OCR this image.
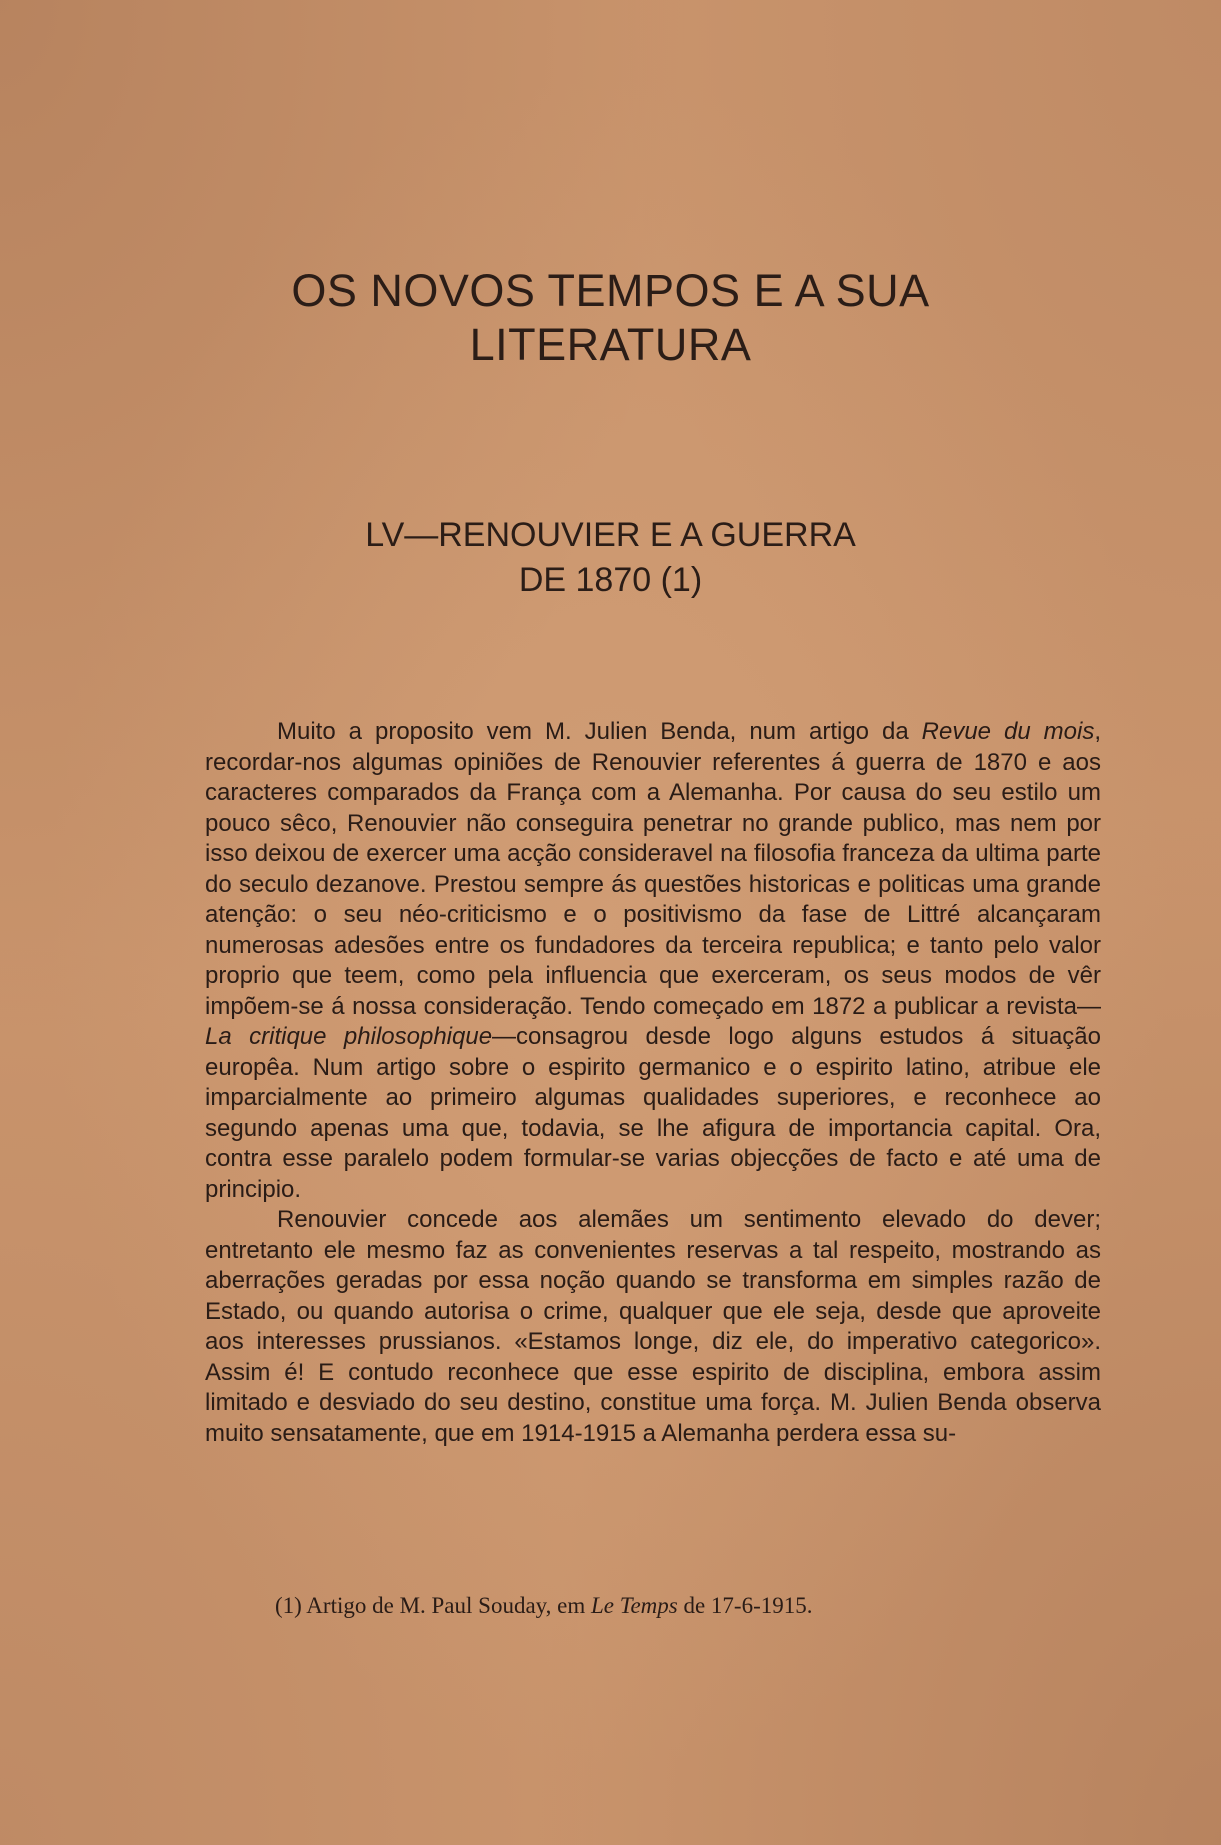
OS NOVOS TEMPOS E A SUA
LITERATURA
LV—RENOUVIER E A GUERRA
DE 1870 (1)

Muito a proposito vem M. Julien Benda, num artigo da Revue du mois, recordar-nos algumas opiniões de Renouvier referentes á guerra de 1870 e aos caracteres comparados da França com a Alemanha. Por causa do seu estilo um pouco sêco, Renouvier não conseguira penetrar no grande publico, mas nem por isso deixou de exercer uma acção consideravel na filosofia franceza da ultima parte do seculo dezanove. Prestou sempre ás questões historicas e politicas uma grande atenção: o seu néo-criticismo e o positivismo da fase de Littré alcançaram numerosas adesões entre os fundadores da terceira republica; e tanto pelo valor proprio que teem, como pela influencia que exerceram, os seus modos de vêr impõem-se á nossa consideração. Tendo começado em 1872 a publicar a revista—La critique philosophique—consagrou desde logo alguns estudos á situação europêa. Num artigo sobre o espirito germanico e o espirito latino, atribue ele imparcialmente ao primeiro algumas qualidades superiores, e reconhece ao segundo apenas uma que, todavia, se lhe afigura de importancia capital. Ora, contra esse paralelo podem formular-se varias objecções de facto e até uma de principio.

Renouvier concede aos alemães um sentimento elevado do dever; entretanto ele mesmo faz as convenientes reservas a tal respeito, mostrando as aberrações geradas por essa noção quando se transforma em simples razão de Estado, ou quando autorisa o crime, qualquer que ele seja, desde que aproveite aos interesses prussianos. «Estamos longe, diz ele, do imperativo categorico». Assim é! E contudo reconhece que esse espirito de disciplina, embora assim limitado e desviado do seu destino, constitue uma força. M. Julien Benda observa muito sensatamente, que em 1914-1915 a Alemanha perdera essa su-

(1) Artigo de M. Paul Souday, em Le Temps de 17-6-1915.
